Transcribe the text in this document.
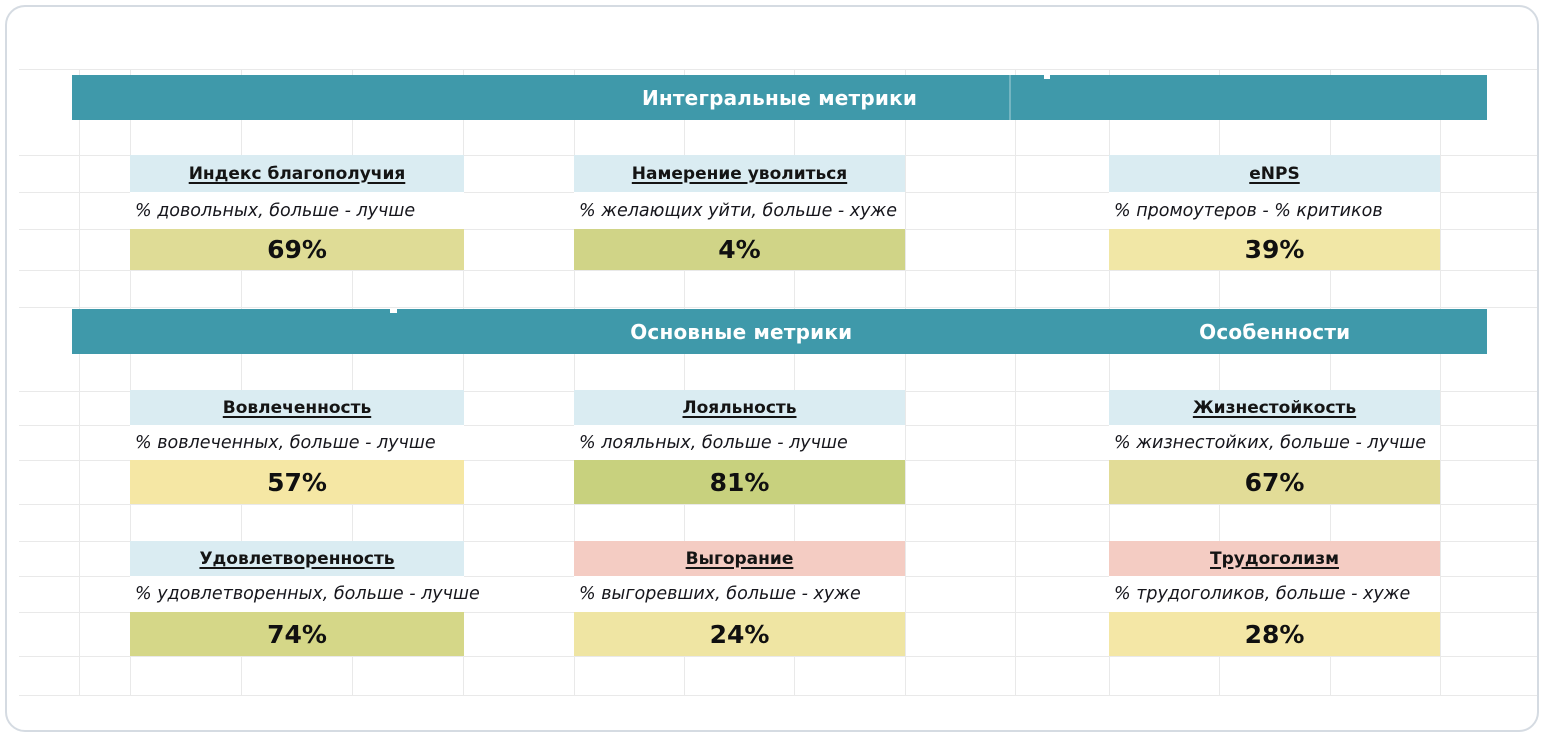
Интегральные метрики
Основные метрики	Особенности
Индекс благополучия
% довольных, больше - лучше
69%
Намерение уволиться
% желающих уйти, больше - хуже
4%
eNPS
% промоутеров - % критиков
39%
Вовлеченность
% вовлеченных, больше - лучше
57%
Лояльность
% лояльных, больше - лучше
81%
Жизнестойкость
% жизнестойких, больше - лучше
67%
Удовлетворенность
% удовлетворенных, больше - лучше
74%
Выгорание
% выгоревших, больше - хуже
24%
Трудоголизм
% трудоголиков, больше - хуже
28%
